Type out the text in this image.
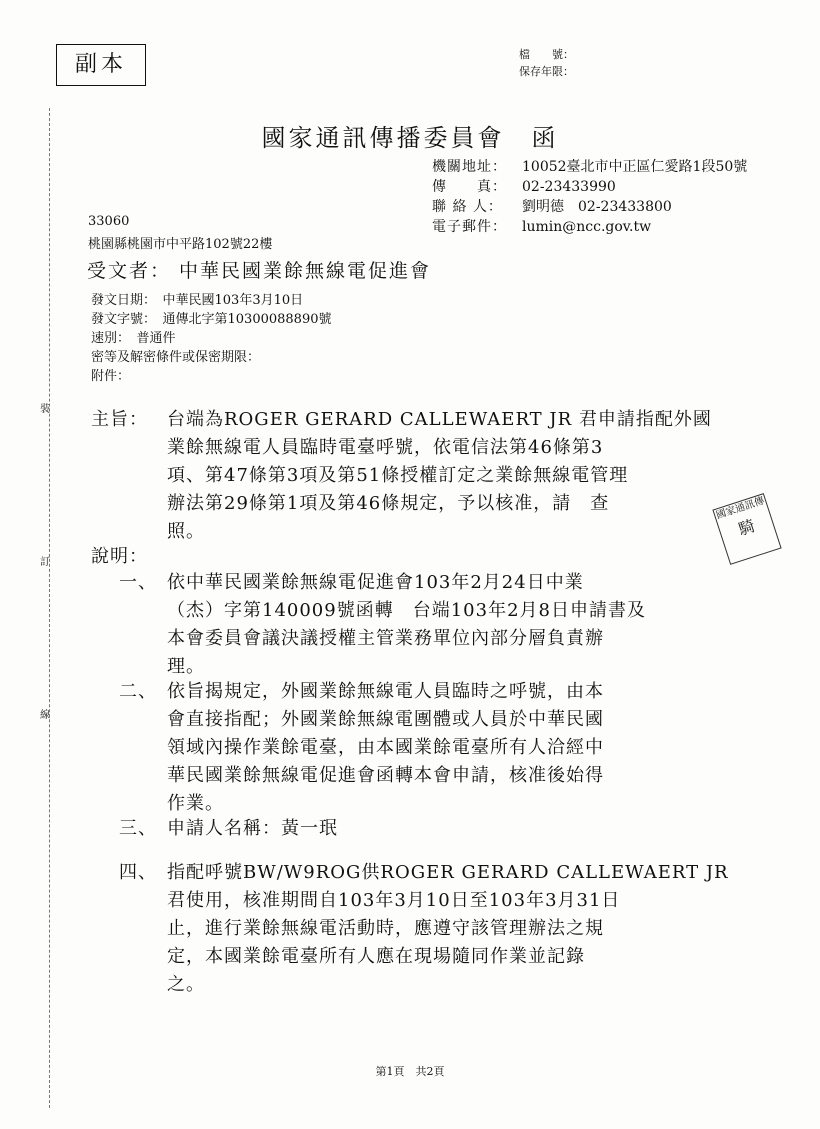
裝
訂
線
副本	檔　　號：
保存年限：
國家通訊傳播委員會　函
機關地址：	10052臺北市中正區仁愛路1段50號
傳　　真：	02-23433990
聯 絡 人：	劉明德　02-23433800
電子郵件：	lumin@ncc.gov.tw
33060
桃園縣桃園市中平路102號22樓
受文者： 中華民國業餘無線電促進會
發文日期：　中華民國103年3月10日
發文字號：　通傳北字第10300088890號
速別：　普通件
密等及解密條件或保密期限：
附件：
主旨： 台端為ROGER GERARD CALLEWAERT JR 君申請指配外國
業餘無線電人員臨時電臺呼號，依電信法第46條第3
項、第47條第3項及第51條授權訂定之業餘無線電管理
辦法第29條第1項及第46條規定，予以核准，請　查
照。
說明：
一、 依中華民國業餘無線電促進會103年2月24日中業
（杰）字第140009號函轉　台端103年2月8日申請書及
本會委員會議決議授權主管業務單位內部分層負責辦
理。
二、 依旨揭規定，外國業餘無線電人員臨時之呼號，由本
會直接指配；外國業餘無線電團體或人員於中華民國
領域內操作業餘電臺，由本國業餘電臺所有人洽經中
華民國業餘無線電促進會函轉本會申請，核准後始得
作業。
三、 申請人名稱：黃一珉
四、 指配呼號BW/W9ROG供ROGER GERARD CALLEWAERT JR
君使用，核准期間自103年3月10日至103年3月31日
止，進行業餘無線電活動時，應遵守該管理辦法之規
定，本國業餘電臺所有人應在現場隨同作業並記錄
之。
國家通訊傳
騎
第1頁　共2頁
